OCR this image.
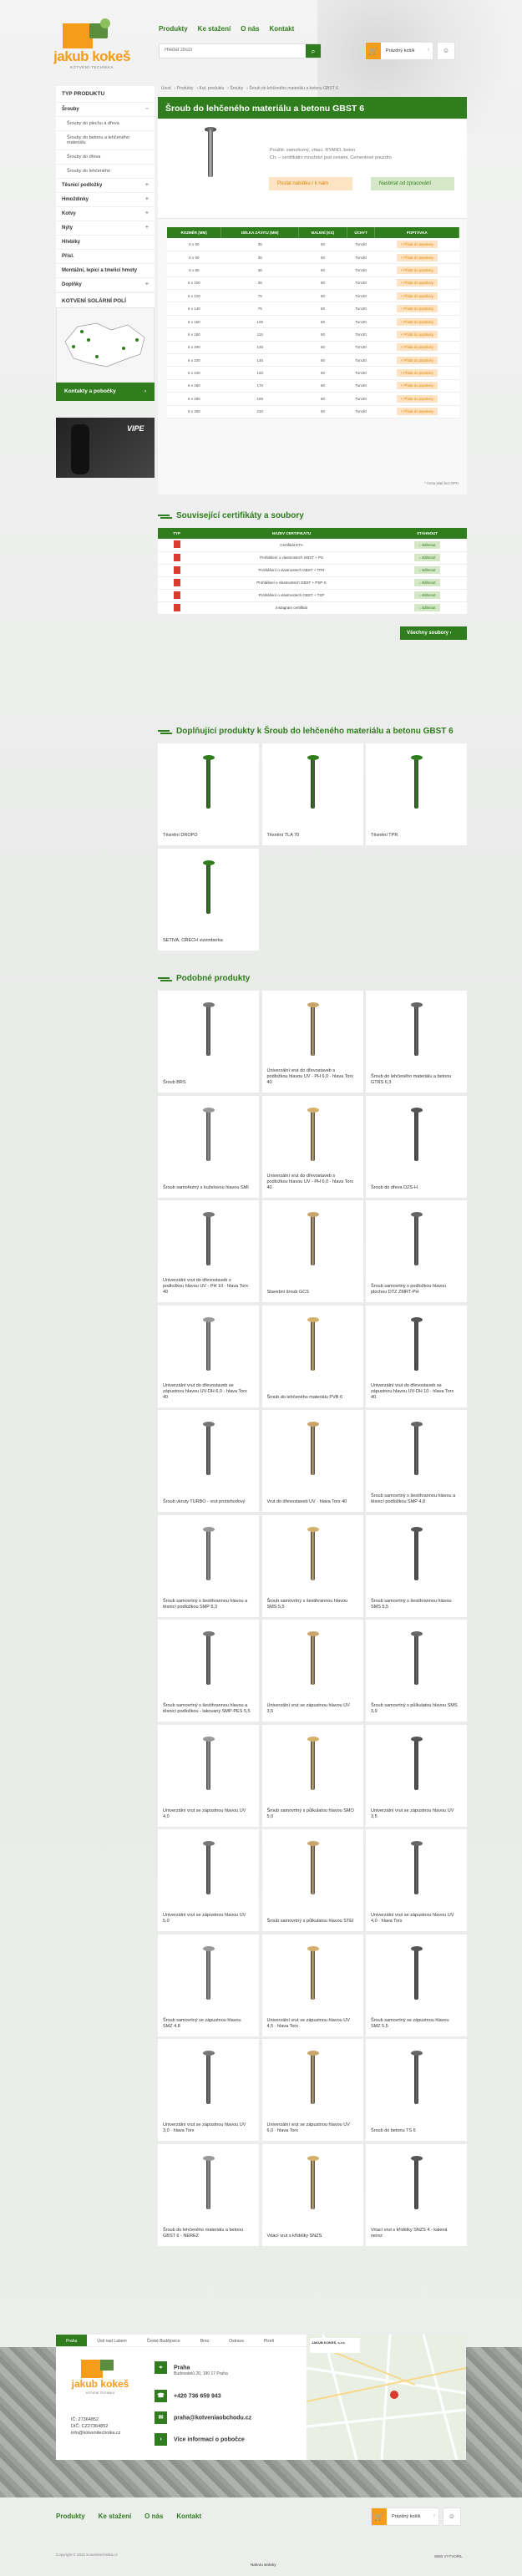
jakub kokeš
KOTVENÍ·TECHNIKA
Produkty Ke stažení O nás Kontakt
Hledat zboží
⌕	🛒	Prázdný košík	›	☺
TYP PRODUKTU
Šrouby	–
Šrouby do plechu a dřeva
Šrouby do betonu a lehčeného materiálu
Šrouby do dřeva
Šrouby do lehčeného
Těsnicí podložky	+
Hmoždinky	+
Kotvy	+
Nýty	+
Hřebíky
Přísl.
Montážní, lepicí a tmelicí hmoty
Doplňky	+
KOTVENÍ SOLÁRNÍ POLÍ
Kontakty a pobočky	›
VIPE
Úvod › Produkty › Kat. produktu › Šrouby › Šroub do lehčeného materiálu a betonu GBST 6
Šroub do lehčeného materiálu a betonu GBST 6
Použití: samořezný, vrtací, RYANO, beton
Ch. – certifikátní množství pod cenami, Cementové pouzdro
Poslat nabídku / k nám	Nasbírat od zpracování
ROZMĚR (MM)	DÉLKA ZÁVITU (MM)	BALENÍ (KS)	ÚCHYT	POPTÁVKA
6 x 50	36	50	Torx30	+ Přidat do poptávky
6 x 60	36	50	Torx30	+ Přidat do poptávky
6 x 80	36	50	Torx30	+ Přidat do poptávky
6 x 100	36	50	Torx30	+ Přidat do poptávky
6 x 120	75	50	Torx30	+ Přidat do poptávky
6 x 140	75	50	Torx30	+ Přidat do poptávky
6 x 160	100	50	Torx30	+ Přidat do poptávky
6 x 180	115	50	Torx30	+ Přidat do poptávky
6 x 200	135	50	Torx30	+ Přidat do poptávky
6 x 220	145	50	Torx30	+ Přidat do poptávky
6 x 240	160	50	Torx30	+ Přidat do poptávky
6 x 260	170	50	Torx30	+ Přidat do poptávky
6 x 280	185	50	Torx30	+ Přidat do poptávky
6 x 300	210	50	Torx30	+ Přidat do poptávky
* Cena platí bez DPH
Související certifikáty a soubory
TYP	NÁZEV CERTIFIKÁTU	STÁHNOUT
	Certifikát ETA	↓ stáhnout
	Prohlášení o vlastnostech GBST + PS	↓ stáhnout
	Prohlášení o vlastnostech GBST + TPR	↓ stáhnout
	Prohlášení o vlastnostech GBST + PSP-S	↓ stáhnout
	Prohlášení o vlastnostech GBST + TSP	↓ stáhnout
	Instagram certifikát	↓ stáhnout
Všechny soubory ›
Doplňující produkty k Šroub do lehčeného materiálu a betonu GBST 6
Těsnění DROPO	Těsnění TLA 70	Těsnění TPR
SETIVA, OŘECH vizemberka
Podobné produkty
Šroub BRS
Univerzální vrut do dřevostaveb s podložkou hlavou UV - PH 6,0 · hlava Torx 40
Šroub do lehčeného materiálu a betonu GTRS 6,3
Šroub samořezný s kuželovou hlavou SMI
Univerzální vrut do dřevostaveb s podložkou hlavou UV - PH 6,0 · hlava Torx 40	Šroub do dřeva DZS-H
Univerzální vrut do dřevostaveb s podložkou hlavou UV - PH 10 · hlava Torx 40	Stavební šroub GCS
Šroub samovrtný s podložkou hlavou plochou DTZ ZMRT-PH
Univerzální vrut do dřevostaveb se zápustnou hlavou UV-DH 6,0 · hlava Torx 40	Šroub do lehčeného materiálu PVB 6
Univerzální vrut do dřevostaveb se zápustnou hlavou UV-DH 10 · hlava Torx 40
Šroub vkruty TURBO - vrut protishodový	Vrut do dřevostaveb UV · hlava Torx 40
Šroub samovrtný s šestihrannou hlavou a těsnicí podložkou SMP 4,8
Šroub samovrtný s šestihrannou hlavou a těsnicí podložkou SMP 6,3
Šroub samovrtný s šestihrannou hlavou SMS 5,5
Šroub samovrtný s šestihrannou hlavou SMS 5,5
Šroub samovrtný s šestihrannou hlavou a těsnicí podložkou - lakovaný SMP-PES 5,5
Univerzální vrut se zápustnou hlavou UV 3,5
Šroub samovrtný s půlkulatou hlavou SMS 3,9
Univerzální vrut se zápustnou hlavou UV 4,0
Šroub samovrtný s půlkulatou hlavou SMO 5,0
Univerzální vrut se zápustnou hlavou UV 3,5
Univerzální vrut se zápustnou hlavou UV 5,0	Šroub samovrtný s půlkulatou hlavou STEI
Univerzální vrut se zápustnou hlavou UV 4,0 · hlava Torx
Šroub samovrtný se zápustnou hlavou SMZ 4,8
Univerzální vrut se zápustnou hlavou UV 4,5 · hlava Torx
Šroub samovrtný se zápustnou hlavou SMZ 5,5
Univerzální vrut se zápustnou hlavou UV 3,0 · hlava Torx
Univerzální vrut se zápustnou hlavou UV 6,0 · hlava Torx	Šroub do betonu TS 6
Šroub do lehčeného materiálu a betonu GBST 6 - NEREZ	Vrtací vrut s křídélky SNZS
Vrtací vrut s křídélky SNZS 4 - kalená nerez
Praha	Ústí nad Labem	České Budějovice	Brno	Ostrava	Plzeň
jakub kokeš
KOTVENÍ·TECHNIKA
IČ: 27364852
DIČ: CZ27364852
info@kotvenitechnika.cz
⌖ Praha
Budovatelů 20, 190 17 Praha
☎ +420 736 659 943
✉ praha@kotveniaobchodu.cz
› Více informací o pobočce
JAKUB KOKEŠ, s.r.o.
Produkty Ke stažení O nás Kontakt	🛒	Prázdný košík	›	☺
Copyright © 2021 Kotvenitechnika.cz
Nahoru stránky
WEB VYTVOŘIL
